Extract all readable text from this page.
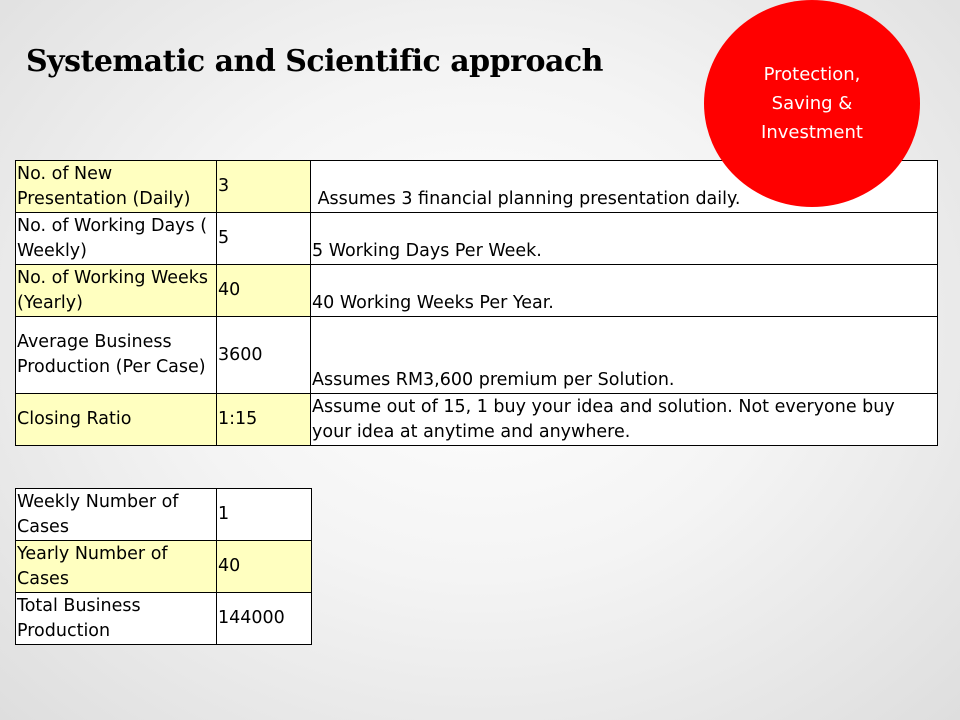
Systematic and Scientific approach
No. of New Presentation (Daily)	3	Assumes 3 financial planning presentation daily.
No. of Working Days ( Weekly)	5	5 Working Days Per Week.
No. of Working Weeks (Yearly)	40	40 Working Weeks Per Year.
Average Business Production (Per Case)	3600	Assumes RM3,600 premium per Solution.
Closing Ratio	1:15	Assume out of 15, 1 buy your idea and solution. Not everyone buy your idea at anytime and anywhere.
Weekly Number of Cases	1
Yearly Number of Cases	40
Total Business Production	144000
Protection,
Saving &
Investment
